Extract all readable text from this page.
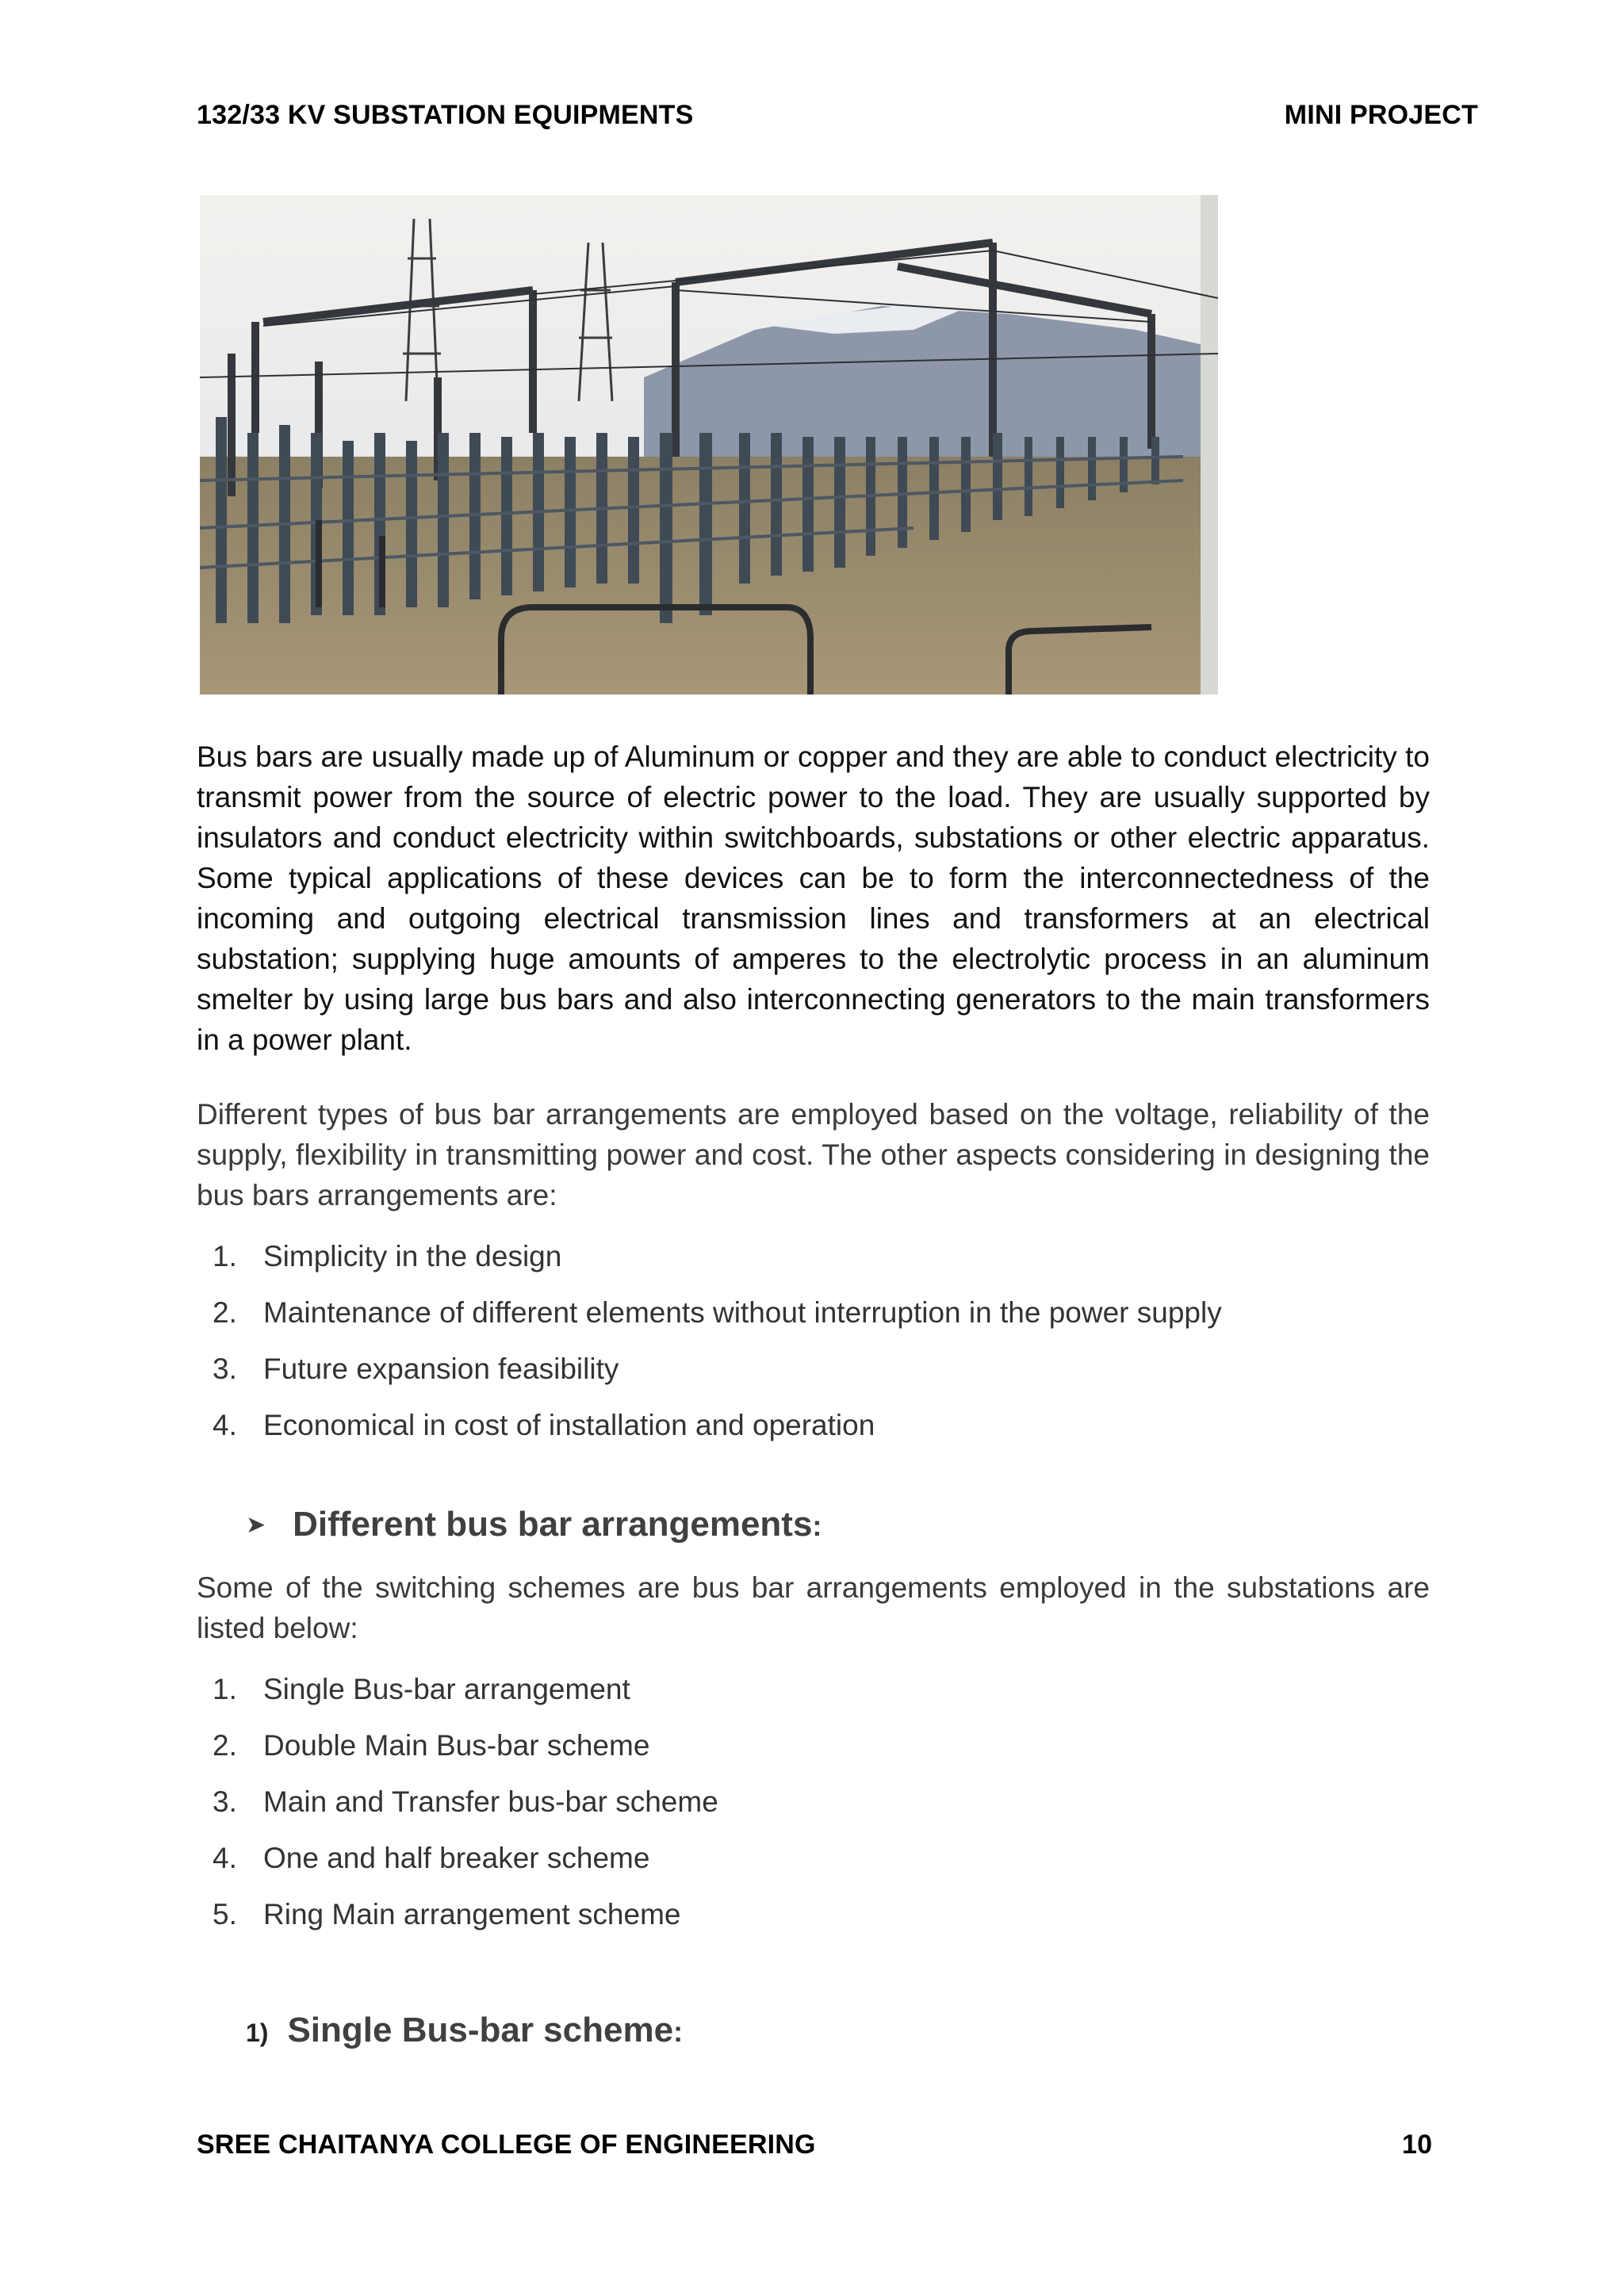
132/33 KV SUBSTATION EQUIPMENTS	MINI PROJECT

Bus bars are usually made up of Aluminum or copper and they are able to conduct electricity to transmit power from the source of electric power to the load. They are usually supported by insulators and conduct electricity within switchboards, substations or other electric apparatus. Some typical applications of these devices can be to form the interconnectedness of the incoming and outgoing electrical transmission lines and transformers at an electrical substation; supplying huge amounts of amperes to the electrolytic process in an aluminum smelter by using large bus bars and also interconnecting generators to the main transformers in a power plant.

Different types of bus bar arrangements are employed based on the voltage, reliability of the supply, flexibility in transmitting power and cost. The other aspects considering in designing the bus bars arrangements are:

1. Simplicity in the design
2. Maintenance of different elements without interruption in the power supply
3. Future expansion feasibility
4. Economical in cost of installation and operation
➤ Different bus bar arrangements :

Some of the switching schemes are bus bar arrangements employed in the substations are listed below:

1. Single Bus-bar arrangement
2. Double Main Bus-bar scheme
3. Main and Transfer bus-bar scheme
4. One and half breaker scheme
5. Ring Main arrangement scheme
1) Single Bus-bar scheme :
SREE CHAITANYA COLLEGE OF ENGINEERING	10
